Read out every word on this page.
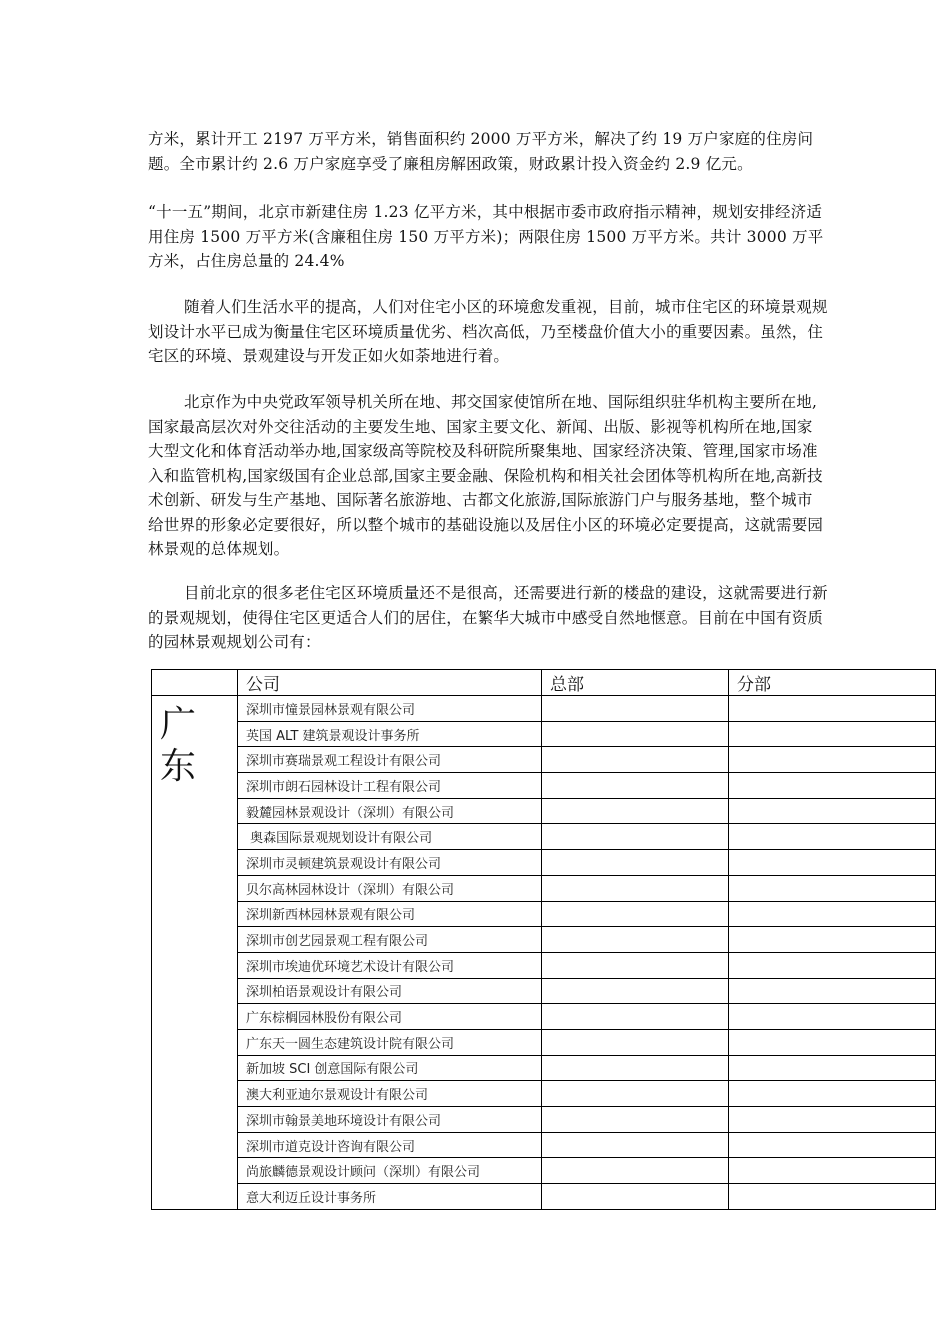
方米，累计开工 2197 万平方米，销售面积约 2000 万平方米，解决了约 19 万户家庭的住房问题。全市累计约 2.6 万户家庭享受了廉租房解困政策，财政累计投入资金约 2.9 亿元。

“十一五”期间，北京市新建住房 1.23 亿平方米，其中根据市委市政府指示精神，规划安排经济适用住房 1500 万平方米(含廉租住房 150 万平方米)；两限住房 1500 万平方米。共计 3000 万平方米，占住房总量的 24.4%

随着人们生活水平的提高，人们对住宅小区的环境愈发重视，目前，城市住宅区的环境景观规划设计水平已成为衡量住宅区环境质量优劣、档次高低，乃至楼盘价值大小的重要因素。虽然，住宅区的环境、景观建设与开发正如火如荼地进行着。

北京作为中央党政军领导机关所在地、邦交国家使馆所在地、国际组织驻华机构主要所在地,国家最高层次对外交往活动的主要发生地、国家主要文化、新闻、出版、影视等机构所在地,国家大型文化和体育活动举办地,国家级高等院校及科研院所聚集地、国家经济决策、管理,国家市场准入和监管机构,国家级国有企业总部,国家主要金融、保险机构和相关社会团体等机构所在地,高新技术创新、研发与生产基地、国际著名旅游地、古都文化旅游,国际旅游门户与服务基地，整个城市给世界的形象必定要很好，所以整个城市的基础设施以及居住小区的环境必定要提高，这就需要园林景观的总体规划。

目前北京的很多老住宅区环境质量还不是很高，还需要进行新的楼盘的建设，这就需要进行新的景观规划，使得住宅区更适合人们的居住，在繁华大城市中感受自然地惬意。目前在中国有资质的园林景观规划公司有：

	公司	总部	分部
广东	深圳市憧景园林景观有限公司		
	英国 ALT 建筑景观设计事务所		
	深圳市赛瑞景观工程设计有限公司		
	深圳市朗石园林设计工程有限公司		
	毅麓园林景观设计（深圳）有限公司		
	奥森国际景观规划设计有限公司		
	深圳市灵顿建筑景观设计有限公司		
	贝尔高林园林设计（深圳）有限公司		
	深圳新西林园林景观有限公司		
	深圳市创艺园景观工程有限公司		
	深圳市埃迪优环境艺术设计有限公司		
	深圳柏语景观设计有限公司		
	广东棕榈园林股份有限公司		
	广东天一圆生态建筑设计院有限公司		
	新加坡 SCI 创意国际有限公司		
	澳大利亚迪尔景观设计有限公司		
	深圳市翰景美地环境设计有限公司		
	深圳市道克设计咨询有限公司		
	尚旅麟德景观设计顾问（深圳）有限公司		
	意大利迈丘设计事务所		
